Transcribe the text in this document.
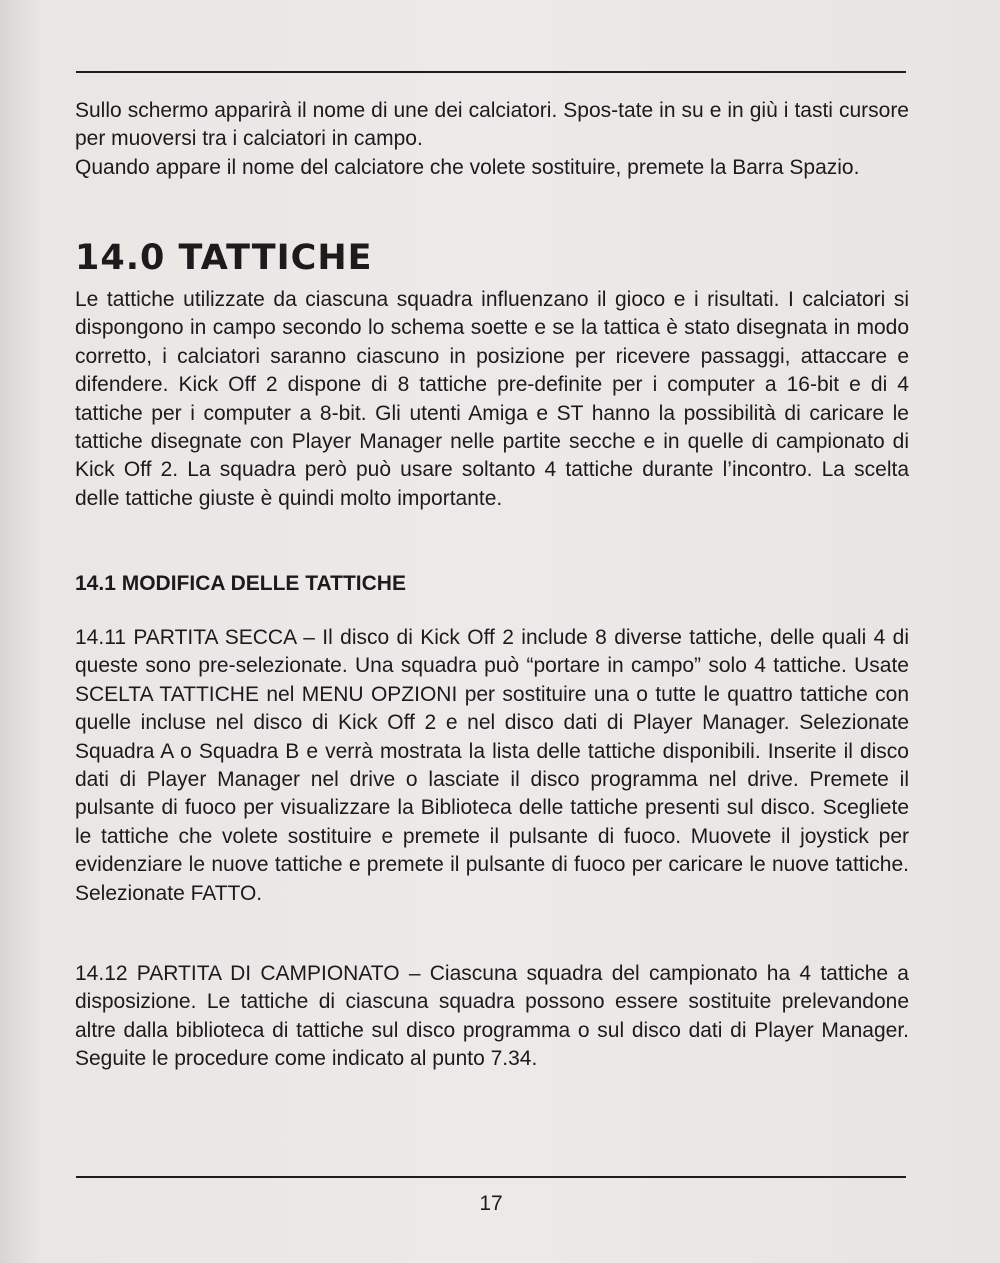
Sullo schermo apparirà il nome di une dei calciatori. Spos-tate in su e in giù i tasti cursore per muoversi tra i calciatori in campo.

Quando appare il nome del calciatore che volete sostituire, premete la Barra Spazio.

14.0 TATTICHE

Le tattiche utilizzate da ciascuna squadra influenzano il gioco e i risultati. I calciatori si dispongono in campo secondo lo schema soette e se la tattica è stato disegnata in modo corretto, i calciatori saranno ciascuno in posizione per ricevere passaggi, attaccare e difendere. Kick Off 2 dispone di 8 tattiche pre-definite per i computer a 16-bit e di 4 tattiche per i computer a 8-bit. Gli utenti Amiga e ST hanno la possibilità di caricare le tattiche disegnate con Player Manager nelle partite secche e in quelle di campionato di Kick Off 2. La squadra però può usare soltanto 4 tattiche durante l’incontro. La scelta delle tattiche giuste è quindi molto importante.

14.1 MODIFICA DELLE TATTICHE

14.11 PARTITA SECCA – Il disco di Kick Off 2 include 8 diverse tattiche, delle quali 4 di queste sono pre-selezionate. Una squadra può “portare in campo” solo 4 tattiche. Usate SCELTA TATTICHE nel MENU OPZIONI per sostituire una o tutte le quattro tattiche con quelle incluse nel disco di Kick Off 2 e nel disco dati di Player Manager. Selezionate Squadra A o Squadra B e verrà mostrata la lista delle tattiche disponibili. Inserite il disco dati di Player Manager nel drive o lasciate il disco programma nel drive. Premete il pulsante di fuoco per visualizzare la Biblioteca delle tattiche presenti sul disco. Scegliete le tattiche che volete sostituire e premete il pulsante di fuoco. Muovete il joystick per evidenziare le nuove tattiche e premete il pulsante di fuoco per caricare le nuove tattiche. Selezionate FATTO.

14.12 PARTITA DI CAMPIONATO – Ciascuna squadra del campionato ha 4 tattiche a disposizione. Le tattiche di ciascuna squadra possono essere sostituite prelevandone altre dalla biblioteca di tattiche sul disco programma o sul disco dati di Player Manager. Seguite le procedure come indicato al punto 7.34.

17
